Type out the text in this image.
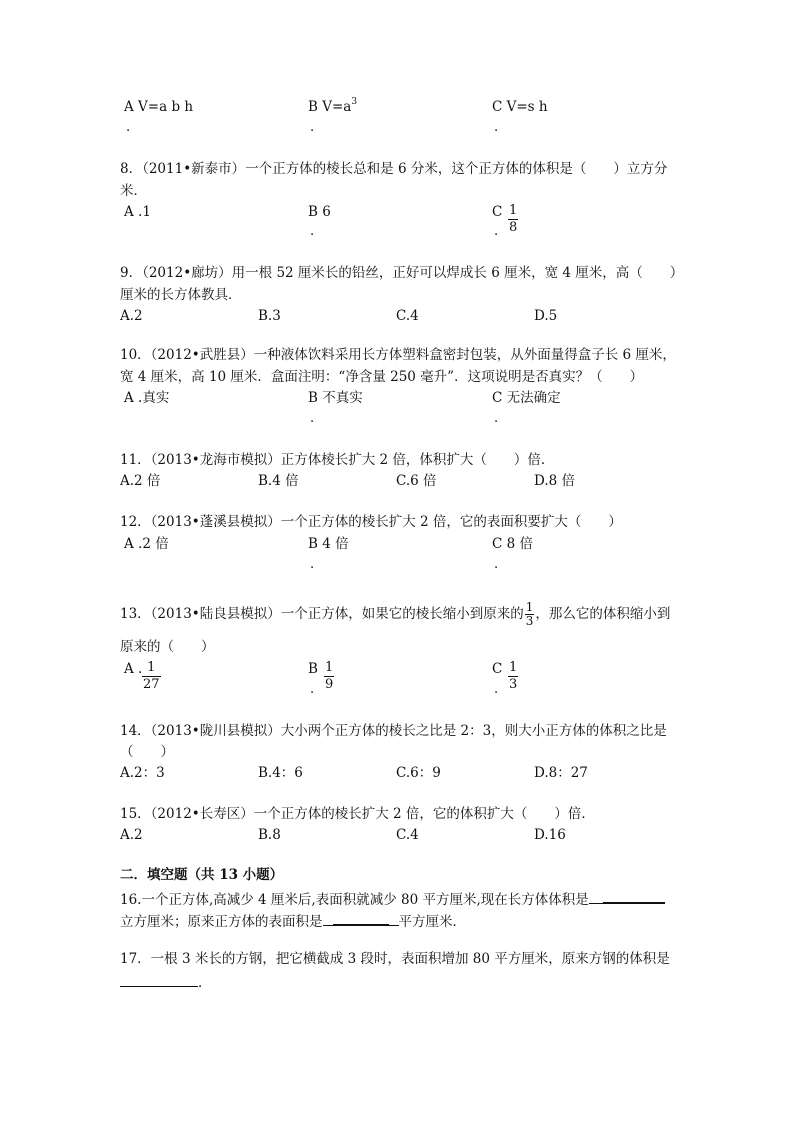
A V=a b h
.
B $V=a^3$
.
C V=s h
.
8．（2011•新泰市）一个正方体的棱长总和是 6 分米，这个正方体的体积是（　　）立方分
米．
A .1	B 6
.
C
. $\frac{1}{8}$
9．（2012•廊坊）用一根 52 厘米长的铅丝，正好可以焊成长 6 厘米，宽 4 厘米，高（　　）
厘米的长方体教具．
A.2	B.3	C.4	D.5
10．（2012•武胜县）一种液体饮料采用长方体塑料盒密封包装，从外面量得盒子长 6 厘米，
宽 4 厘米，高 10 厘米．盒面注明：“净含量 250 毫升”．这项说明是否真实？（　　）
A .真实	B 不真实
.
C 无法确定
.
11．（2013•龙海市模拟）正方体棱长扩大 2 倍，体积扩大（　　）倍．
A.2 倍	B.4 倍	C.6 倍	D.8 倍
12．（2013•蓬溪县模拟）一个正方体的棱长扩大 2 倍，它的表面积要扩大（　　）
A .2 倍	B 4 倍
.
C 8 倍
.
13．（2013•陆良县模拟）一个正方体，如果它的棱长缩小到原来的 $\frac{1}{3}$ ，那么它的体积缩小到
原来的（　　）
A . $\frac{1}{27}$	B
. $\frac{1}{9}$	C
. $\frac{1}{3}$
14．（2013•陇川县模拟）大小两个正方体的棱长之比是 2：3，则大小正方体的体积之比是
（　　）
A.2：3	B.4：6	C.6：9	D.8：27
15．（2012•长寿区）一个正方体的棱长扩大 2 倍，它的体积扩大（　　）倍．
A.2	B.8	C.4	D.16
二．填空题（共 13 小题）
16.一个正方体,高减少 4 厘米后,表面积就减少 80 平方厘米,现在长方体体积是
立方厘米；原来正方体的表面积是	平方厘米．
17．一根 3 米长的方钢，把它横截成 3 段时，表面积增加 80 平方厘米，原来方钢的体积是
．
